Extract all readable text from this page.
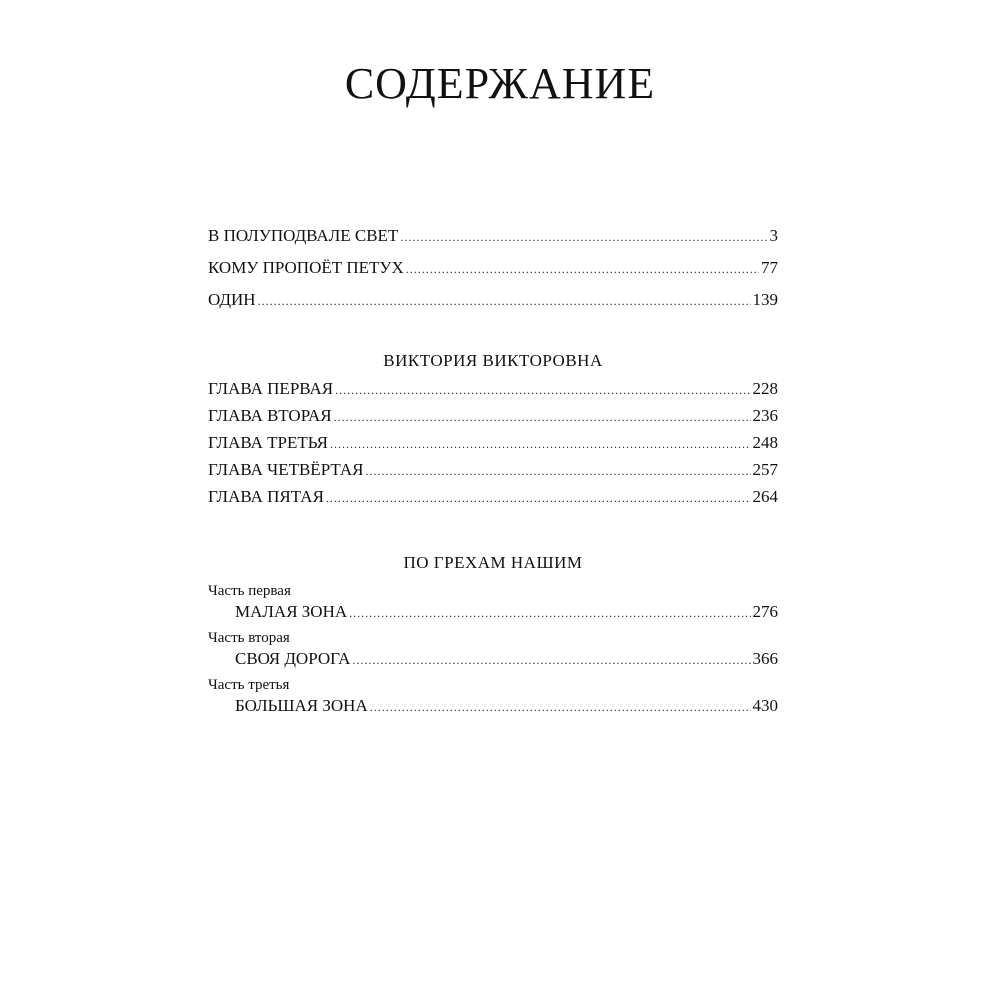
СОДЕРЖАНИЕ
В ПОЛУПОДВАЛЕ СВЕТ .....	3
КОМУ ПРОПОЁТ ПЕТУХ .....	77
ОДИН .....	139
ВИКТОРИЯ ВИКТОРОВНА
ГЛАВА ПЕРВАЯ .....	228
ГЛАВА ВТОРАЯ .....	236
ГЛАВА ТРЕТЬЯ .....	248
ГЛАВА ЧЕТВЁРТАЯ .....	257
ГЛАВА ПЯТАЯ .....	264
ПО ГРЕХАМ НАШИМ
Часть первая
МАЛАЯ ЗОНА .....	276
Часть вторая
СВОЯ ДОРОГА .....	366
Часть третья
БОЛЬШАЯ ЗОНА .....	430
